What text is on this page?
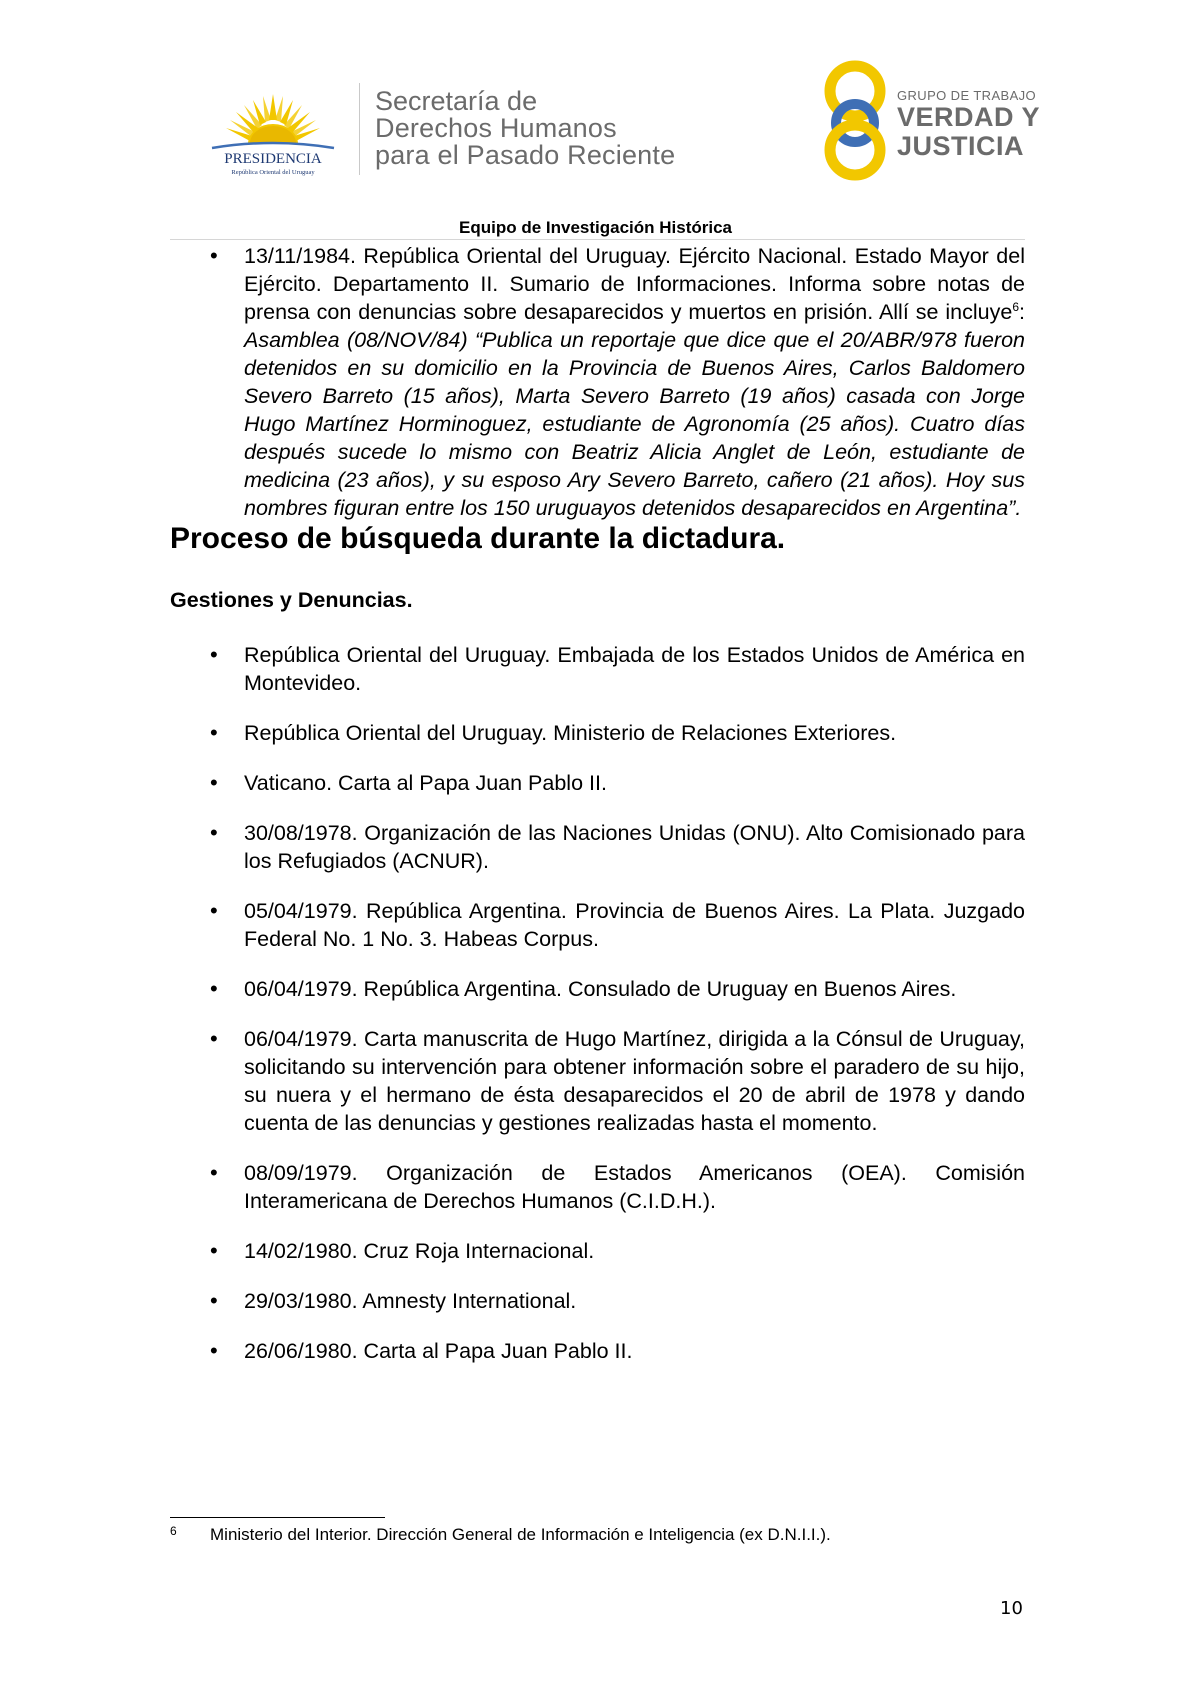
PRESIDENCIA
República Oriental del Uruguay
Secretaría de
Derechos Humanos
para el Pasado Reciente
GRUPO DE TRABAJO
VERDAD Y
JUSTICIA
Equipo de Investigación Histórica
• 13/11/1984. República Oriental del Uruguay. Ejército Nacional. Estado Mayor del Ejército. Departamento II. Sumario de Informaciones. Informa sobre notas de prensa con denuncias sobre desaparecidos y muertos en prisión. Allí se incluye$^6$: Asamblea (08/NOV/84) “Publica un reportaje que dice que el 20/ABR/978 fueron detenidos en su domicilio en la Provincia de Buenos Aires, Carlos Baldomero Severo Barreto (15 años), Marta Severo Barreto (19 años) casada con Jorge Hugo Martínez Horminoguez, estudiante de Agronomía (25 años). Cuatro días después sucede lo mismo con Beatriz Alicia Anglet de León, estudiante de medicina (23 años), y su esposo Ary Severo Barreto, cañero (21 años). Hoy sus nombres figuran entre los 150 uruguayos detenidos desaparecidos en Argentina”.
Proceso de búsqueda durante la dictadura.
Gestiones y Denuncias.
• República Oriental del Uruguay. Embajada de los Estados Unidos de América en Montevideo.
• República Oriental del Uruguay. Ministerio de Relaciones Exteriores.
• Vaticano. Carta al Papa Juan Pablo II.
• 30/08/1978. Organización de las Naciones Unidas (ONU). Alto Comisionado para los Refugiados (ACNUR).
• 05/04/1979. República Argentina. Provincia de Buenos Aires. La Plata. Juzgado Federal No. 1 No. 3. Habeas Corpus.
• 06/04/1979. República Argentina. Consulado de Uruguay en Buenos Aires.
• 06/04/1979. Carta manuscrita de Hugo Martínez, dirigida a la Cónsul de Uruguay, solicitando su intervención para obtener información sobre el paradero de su hijo, su nuera y el hermano de ésta desaparecidos el 20 de abril de 1978 y dando cuenta de las denuncias y gestiones realizadas hasta el momento.
• 08/09/1979. Organización de Estados Americanos (OEA). Comisión Interamericana de Derechos Humanos (C.I.D.H.).
• 14/02/1980. Cruz Roja Internacional.
• 29/03/1980. Amnesty International.
• 26/06/1980. Carta al Papa Juan Pablo II.
6 Ministerio del Interior. Dirección General de Información e Inteligencia (ex D.N.I.I.).
10
